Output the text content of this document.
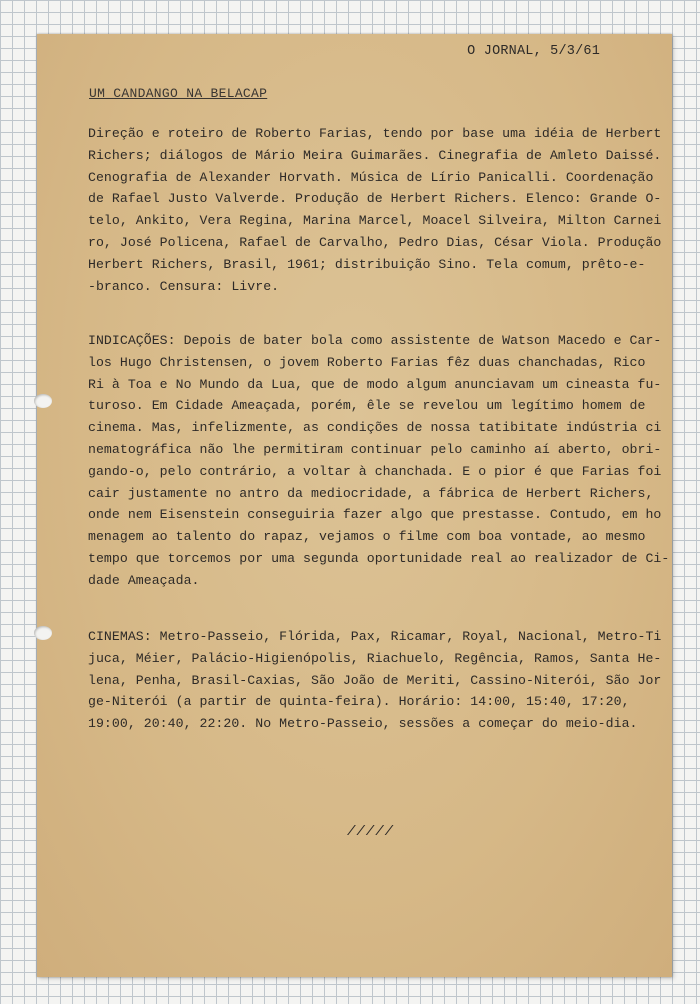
O JORNAL, 5/3/61
UM CANDANGO NA BELACAP
Direção e roteiro de Roberto Farias, tendo por base uma idéia de Herbert
Richers; diálogos de Mário Meira Guimarães. Cinegrafia de Amleto Daissé.
Cenografia de Alexander Horvath. Música de Lírio Panicalli. Coordenação
de Rafael Justo Valverde. Produção de Herbert Richers. Elenco: Grande O-
telo, Ankito, Vera Regina, Marina Marcel, Moacel Silveira, Milton Carnei
ro, José Policena, Rafael de Carvalho, Pedro Dias, César Viola. Produção
Herbert Richers, Brasil, 1961; distribuição Sino. Tela comum, prêto-e-
-branco. Censura: Livre.
INDICAÇÕES: Depois de bater bola como assistente de Watson Macedo e Car-
los Hugo Christensen, o jovem Roberto Farias fêz duas chanchadas, Rico
Ri à Toa e No Mundo da Lua, que de modo algum anunciavam um cineasta fu-
turoso. Em Cidade Ameaçada, porém, êle se revelou um legítimo homem de
cinema. Mas, infelizmente, as condições de nossa tatibitate indústria ci
nematográfica não lhe permitiram continuar pelo caminho aí aberto, obri-
gando-o, pelo contrário, a voltar à chanchada. E o pior é que Farias foi
cair justamente no antro da mediocridade, a fábrica de Herbert Richers,
onde nem Eisenstein conseguiria fazer algo que prestasse. Contudo, em ho
menagem ao talento do rapaz, vejamos o filme com boa vontade, ao mesmo
tempo que torcemos por uma segunda oportunidade real ao realizador de Ci-
dade Ameaçada.
CINEMAS: Metro-Passeio, Flórida, Pax, Ricamar, Royal, Nacional, Metro-Ti
juca, Méier, Palácio-Higienópolis, Riachuelo, Regência, Ramos, Santa He-
lena, Penha, Brasil-Caxias, São João de Meriti, Cassino-Niterói, São Jor
ge-Niterói (a partir de quinta-feira). Horário: 14:00, 15:40, 17:20,
19:00, 20:40, 22:20. No Metro-Passeio, sessões a começar do meio-dia.
/////
